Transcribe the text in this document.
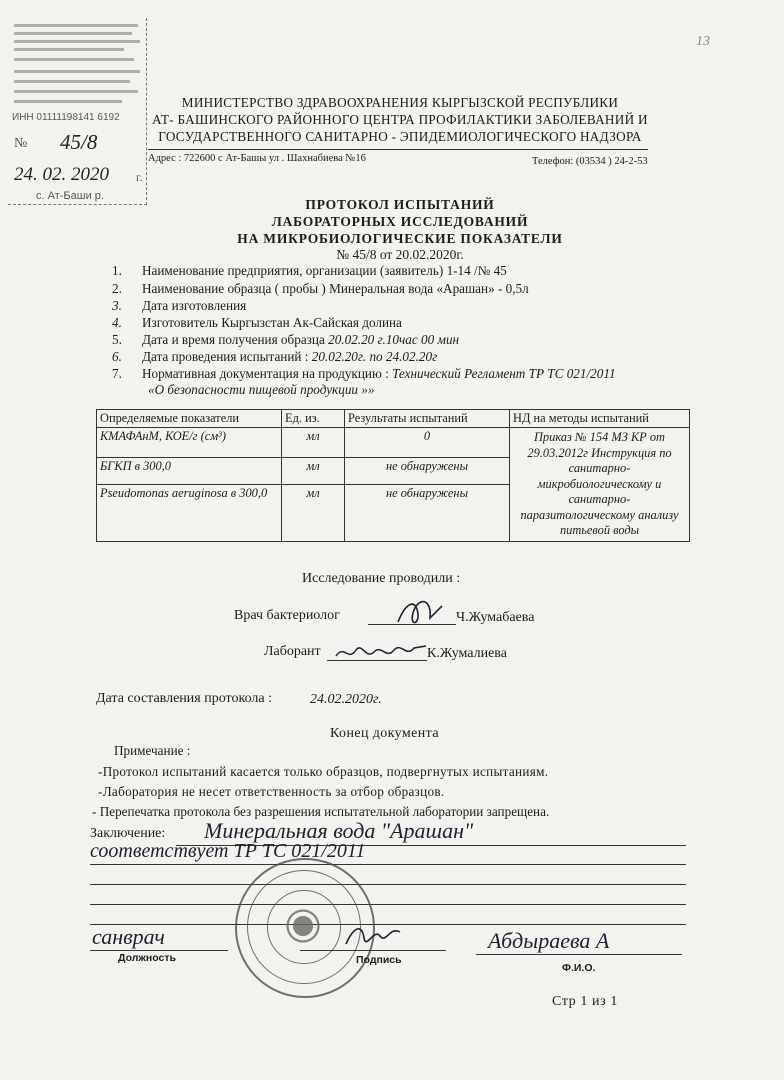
13
ИНН 01111198141 6192
№ 45/8
24. 02. 2020 г.
с. Ат-Баши р.
МИНИСТЕРСТВО ЗДРАВООХРАНЕНИЯ КЫРГЫЗСКОЙ РЕСПУБЛИКИ
АТ- БАШИНСКОГО РАЙОННОГО ЦЕНТРА ПРОФИЛАКТИКИ ЗАБОЛЕВАНИЙ И
ГОСУДАРСТВЕННОГО САНИТАРНО - ЭПИДЕМИОЛОГИЧЕСКОГО НАДЗОРА
Адрес : 722600 с Ат-Башы ул . Шахнабиева №16	Телефон: (03534 ) 24-2-53
ПРОТОКОЛ ИСПЫТАНИЙ
ЛАБОРАТОРНЫХ ИССЛЕДОВАНИЙ
НА МИКРОБИОЛОГИЧЕСКИЕ ПОКАЗАТЕЛИ
№ 45/8 от 20.02.2020г.
1. Наименование предприятия, организации (заявитель) 1-14 /№ 45
2. Наименование образца ( пробы ) Минеральная вода «Арашан» - 0,5л
3. Дата изготовления
4. Изготовитель Кыргызстан Ак-Сайская долина
5. Дата и время получения образца 20.02.20 г.10час 00 мин
6. Дата проведения испытаний : 20.02.20г. по 24.02.20г
7. Нормативная документация на продукцию : Технический Регламент ТР ТС 021/2011
«О безопасности пищевой продукции »»
Определяемые показатели	Ед. из.	Результаты испытаний	НД на методы испытаний
КМАФАнМ, КОЕ/г (см³)	мл	0	Приказ № 154 МЗ КР от 29.03.2012г Инструкция по санитарно-микробиологическому и санитарно-паразитологическому анализу питьевой воды
БГКП в 300,0	мл	не обнаружены	
Pseudomonas aeruginosa в 300,0	мл	не обнаружены	
Исследование проводили :
Врач бактериолог	Ч.Жумабаева
Лаборант	К.Жумалиева
Дата составления протокола :	24.02.2020г.
Конец документа
Примечание :
-Протокол испытаний касается только образцов, подвергнутых испытаниям.
-Лаборатория не несет ответственность за отбор образцов.
- Перепечатка протокола без разрешения испытательной лаборатории запрещена.
Заключение: Минеральная вода "Арашан"
соответствует ТР ТС 021/2011
санврач
Должность	Подпись
Абдыраева А
Ф.И.О.
Стр 1 из 1
